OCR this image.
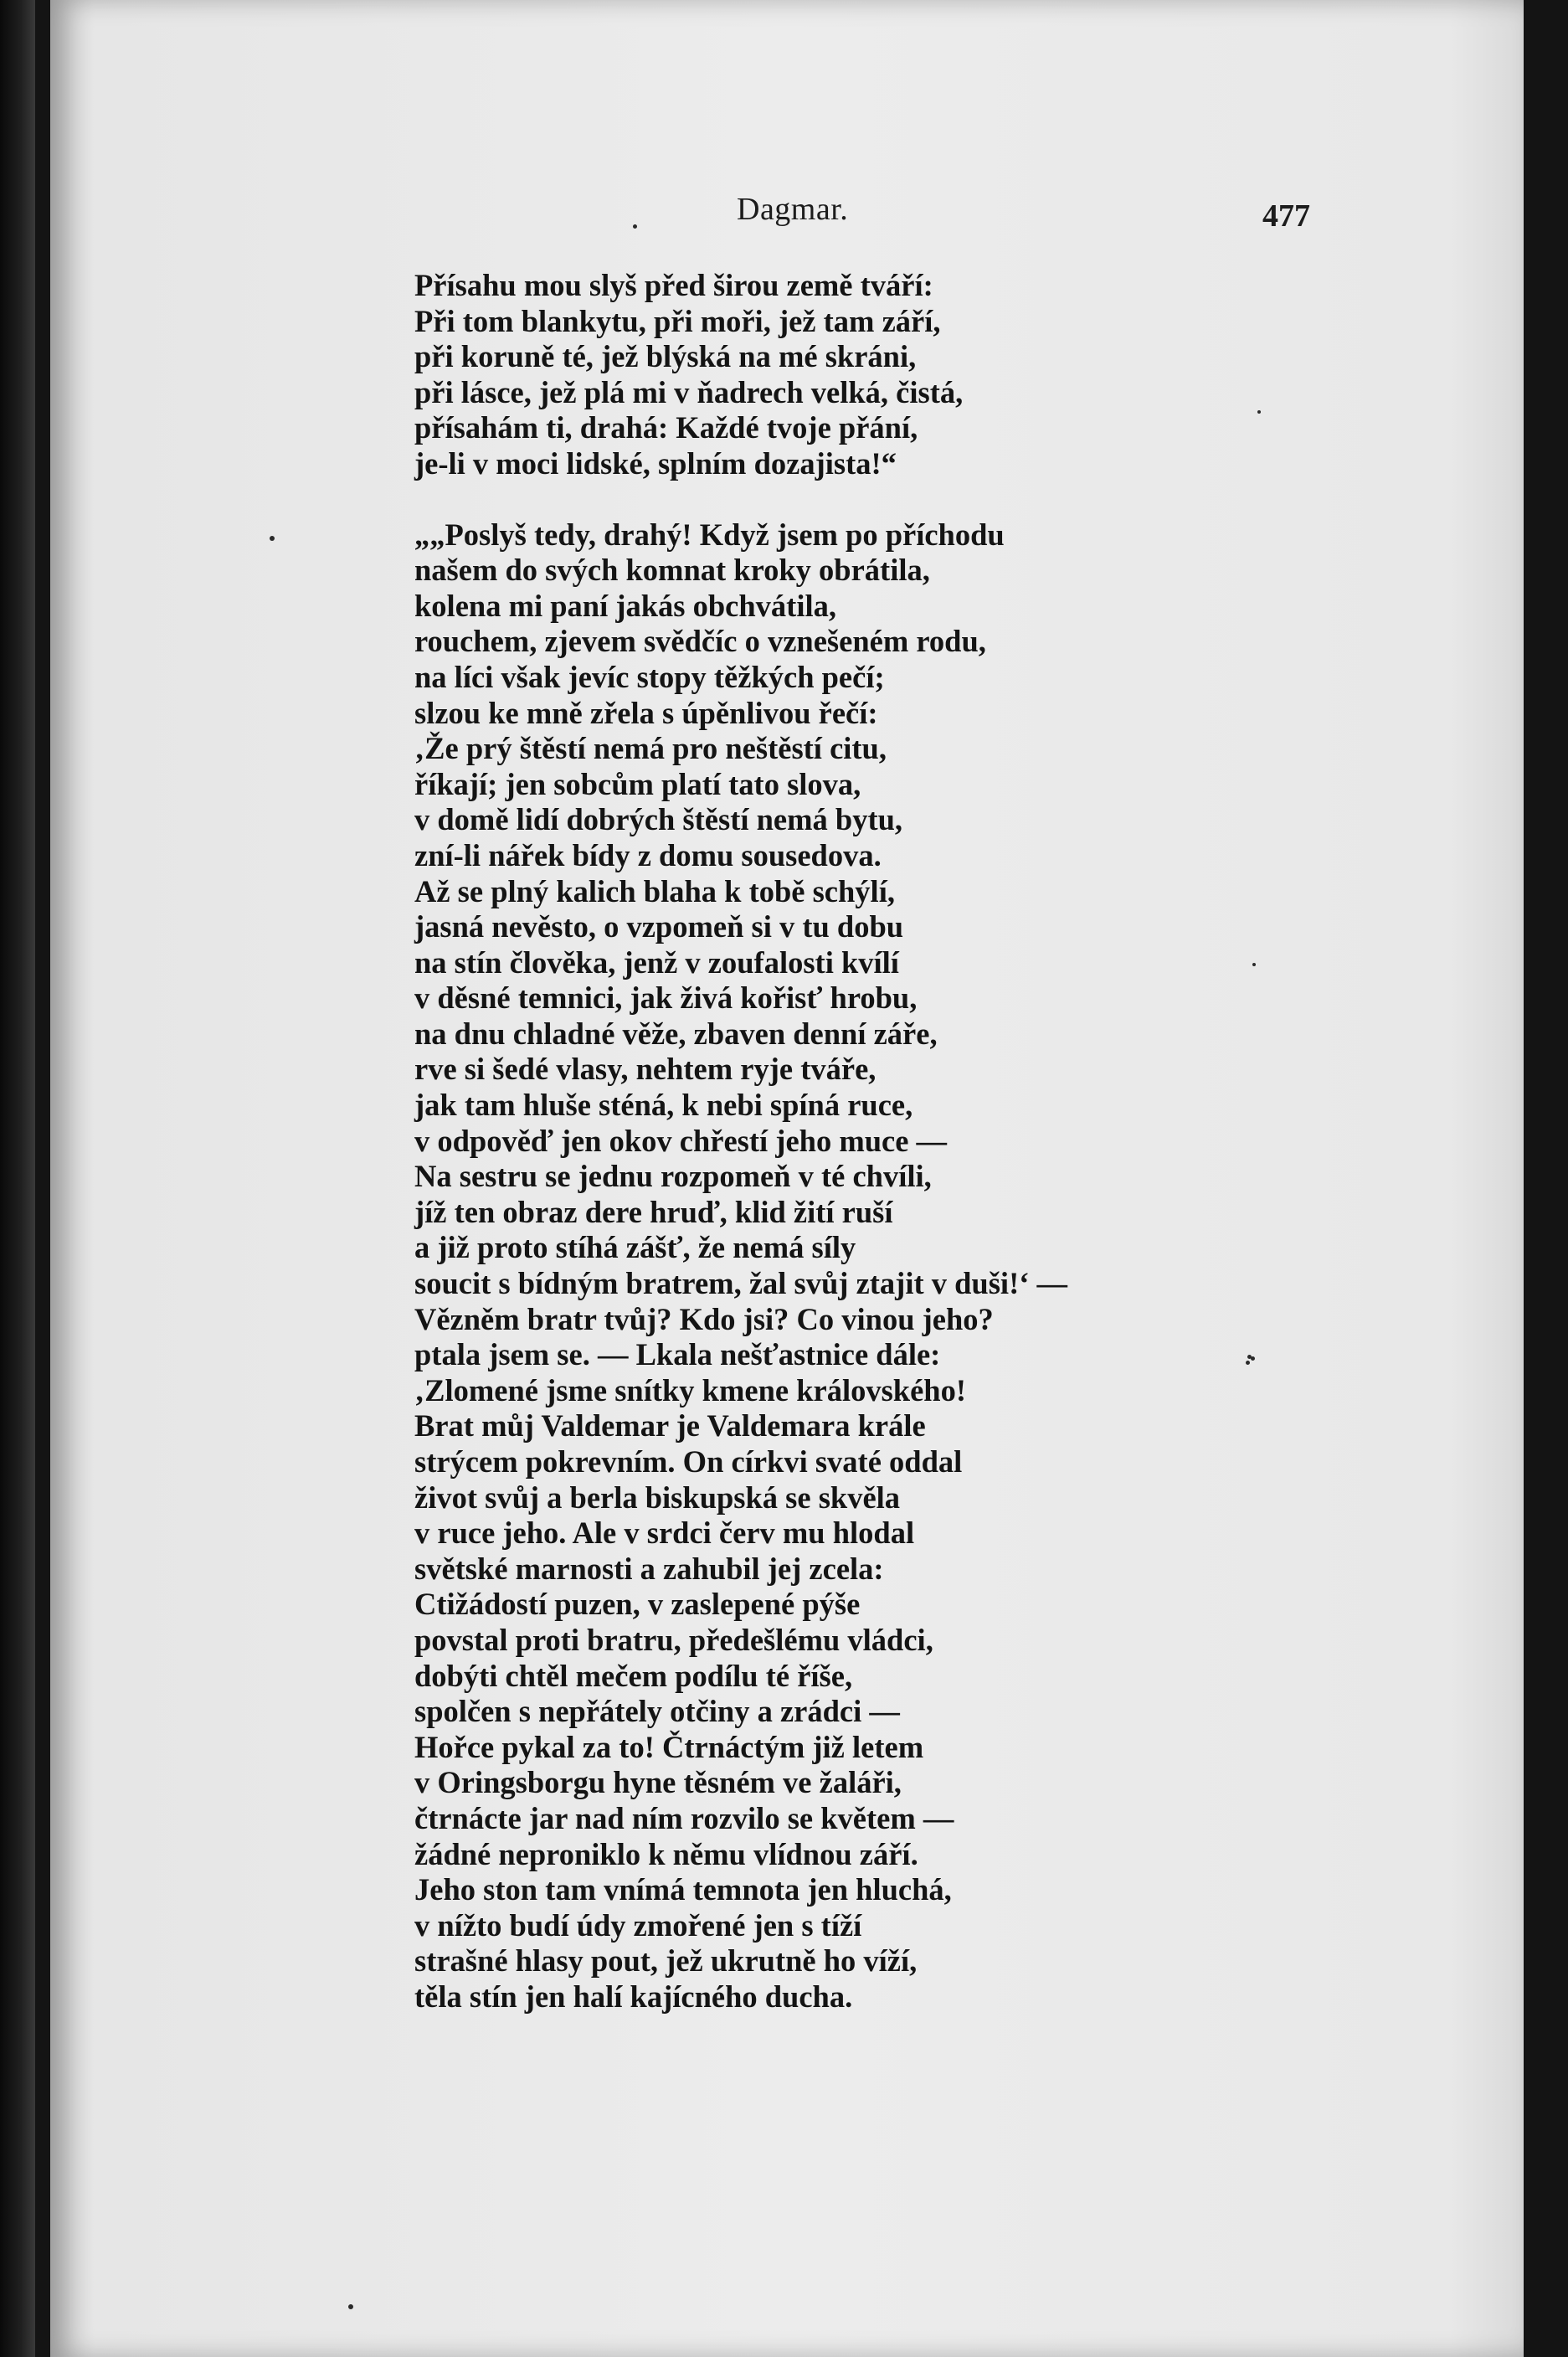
Dagmar.	477
Přísahu mou slyš před širou země tváří:
Při tom blankytu, při moři, jež tam září,
při koruně té, jež blýská na mé skráni,
při lásce, jež plá mi v ňadrech velká, čistá,
přísahám ti, drahá: Každé tvoje přání,
je-li v moci lidské, splním dozajista!“
„„Poslyš tedy, drahý! Když jsem po příchodu
našem do svých komnat kroky obrátila,
kolena mi paní jakás obchvátila,
rouchem, zjevem svědčíc o vznešeném rodu,
na líci však jevíc stopy těžkých pečí;
slzou ke mně zřela s úpěnlivou řečí:
‚Že prý štěstí nemá pro neštěstí citu,
říkají; jen sobcům platí tato slova,
v domě lidí dobrých štěstí nemá bytu,
zní-li nářek bídy z domu sousedova.
Až se plný kalich blaha k tobě schýlí,
jasná nevěsto, o vzpomeň si v tu dobu
na stín člověka, jenž v zoufalosti kvílí
v děsné temnici, jak živá kořisť hrobu,
na dnu chladné věže, zbaven denní záře,
rve si šedé vlasy, nehtem ryje tváře,
jak tam hluše sténá, k nebi spíná ruce,
v odpověď jen okov chřestí jeho muce —
Na sestru se jednu rozpomeň v té chvíli,
jíž ten obraz dere hruď, klid žití ruší
a již proto stíhá zášť, že nemá síly
soucit s bídným bratrem, žal svůj ztajit v duši!‘ —
Vězněm bratr tvůj? Kdo jsi? Co vinou jeho?
ptala jsem se. — Lkala nešťastnice dále:
‚Zlomené jsme snítky kmene královského!
Brat můj Valdemar je Valdemara krále
strýcem pokrevním. On církvi svaté oddal
život svůj a berla biskupská se skvěla
v ruce jeho. Ale v srdci červ mu hlodal
světské marnosti a zahubil jej zcela:
Ctižádostí puzen, v zaslepené pýše
povstal proti bratru, předešlému vládci,
dobýti chtěl mečem podílu té říše,
spolčen s nepřátely otčiny a zrádci —
Hořce pykal za to! Čtrnáctým již letem
v Oringsborgu hyne těsném ve žaláři,
čtrnácte jar nad ním rozvilo se květem —
žádné neproniklo k němu vlídnou září.
Jeho ston tam vnímá temnota jen hluchá,
v nížto budí údy zmořené jen s tíží
strašné hlasy pout, jež ukrutně ho víží,
těla stín jen halí kajícného ducha.
